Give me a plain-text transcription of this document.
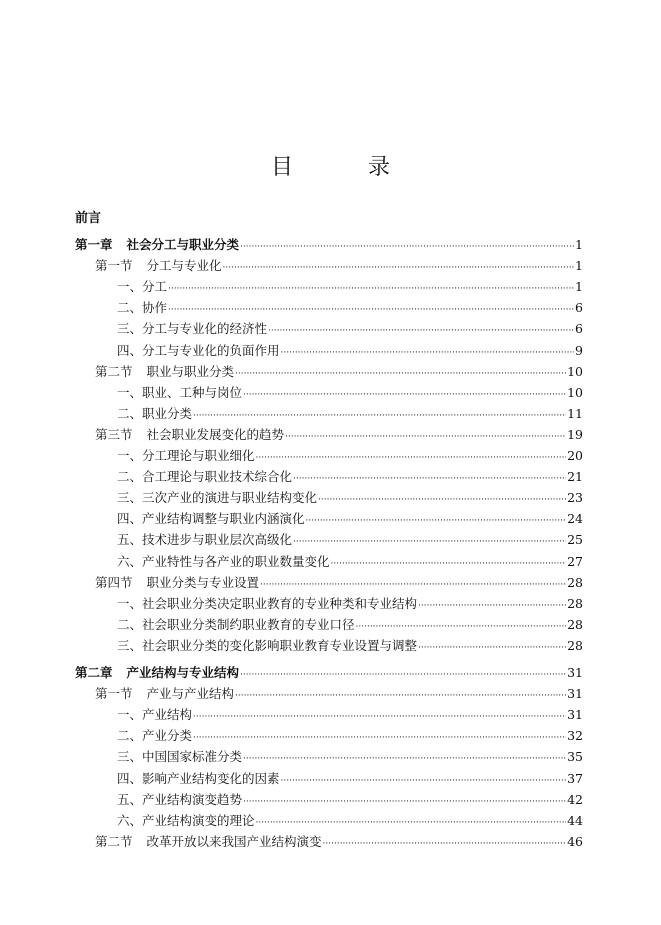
目 录
前言
第一章 社会分工与职业分类 ·····	1
第一节 分工与专业化 ·····	1
一、分工 ·····	1
二、协作 ·····	6
三、分工与专业化的经济性 ·····	6
四、分工与专业化的负面作用 ·····	9
第二节 职业与职业分类 ·····	10
一、职业、工种与岗位 ·····	10
二、职业分类 ·····	11
第三节 社会职业发展变化的趋势 ·····	19
一、分工理论与职业细化 ·····	20
二、合工理论与职业技术综合化 ·····	21
三、三次产业的演进与职业结构变化 ·····	23
四、产业结构调整与职业内涵演化 ·····	24
五、技术进步与职业层次高级化 ·····	25
六、产业特性与各产业的职业数量变化 ·····	27
第四节 职业分类与专业设置 ·····	28
一、社会职业分类决定职业教育的专业种类和专业结构 ·····	28
二、社会职业分类制约职业教育的专业口径 ·····	28
三、社会职业分类的变化影响职业教育专业设置与调整 ·····	28
第二章 产业结构与专业结构 ·····	31
第一节 产业与产业结构 ·····	31
一、产业结构 ·····	31
二、产业分类 ·····	32
三、中国国家标准分类 ·····	35
四、影响产业结构变化的因素 ·····	37
五、产业结构演变趋势 ·····	42
六、产业结构演变的理论 ·····	44
第二节 改革开放以来我国产业结构演变 ·····	46
